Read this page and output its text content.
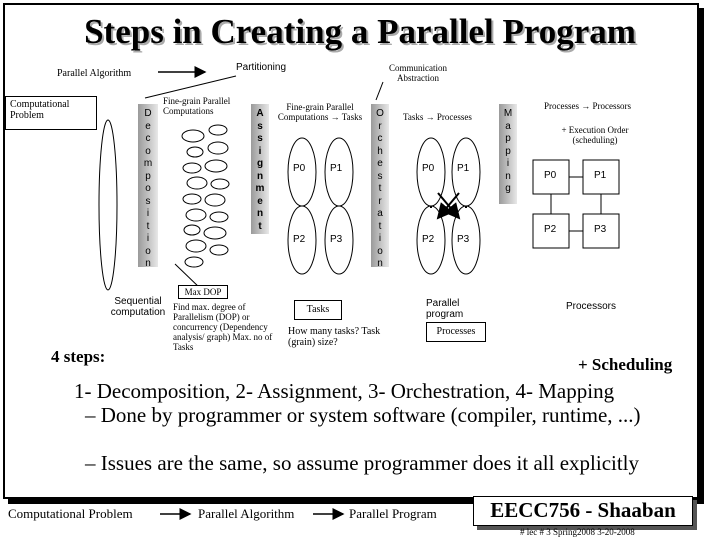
Steps in Creating a Parallel Program
Parallel Algorithm
Partitioning	Communication Abstraction
Computational Problem
Fine-grain Parallel Computations	Fine-grain Parallel Computations → Tasks	Tasks → Processes
Processes → Processors
+ Execution Order (scheduling)
D
e
c
o
m
p
o
s
i
t
i
o
n
A
s
s
i
g
n
m
e
n
t
O
r
c
h
e
s
t
r
a
t
i
o
n
M
a
p
p
i
n
g
P0 P1
P2 P3
P0 P1
P2 P3
P0	P1
P2	P3
Max DOP
Sequential computation Find max. degree of Parallelism (DOP) or concurrency (Dependency analysis/ graph) Max. no of Tasks
Tasks
How many tasks? Task (grain) size?
Parallel program
Processes
Processors
4 steps:	+ Scheduling
1- Decomposition, 2- Assignment, 3- Orchestration, 4- Mapping
– Done by programmer or system software (compiler, runtime, ...)
– Issues are the same, so assume programmer does it all explicitly
Computational Problem	Parallel Algorithm	Parallel Program	EECC756 - Shaaban
# lec # 3 Spring2008 3-20-2008
